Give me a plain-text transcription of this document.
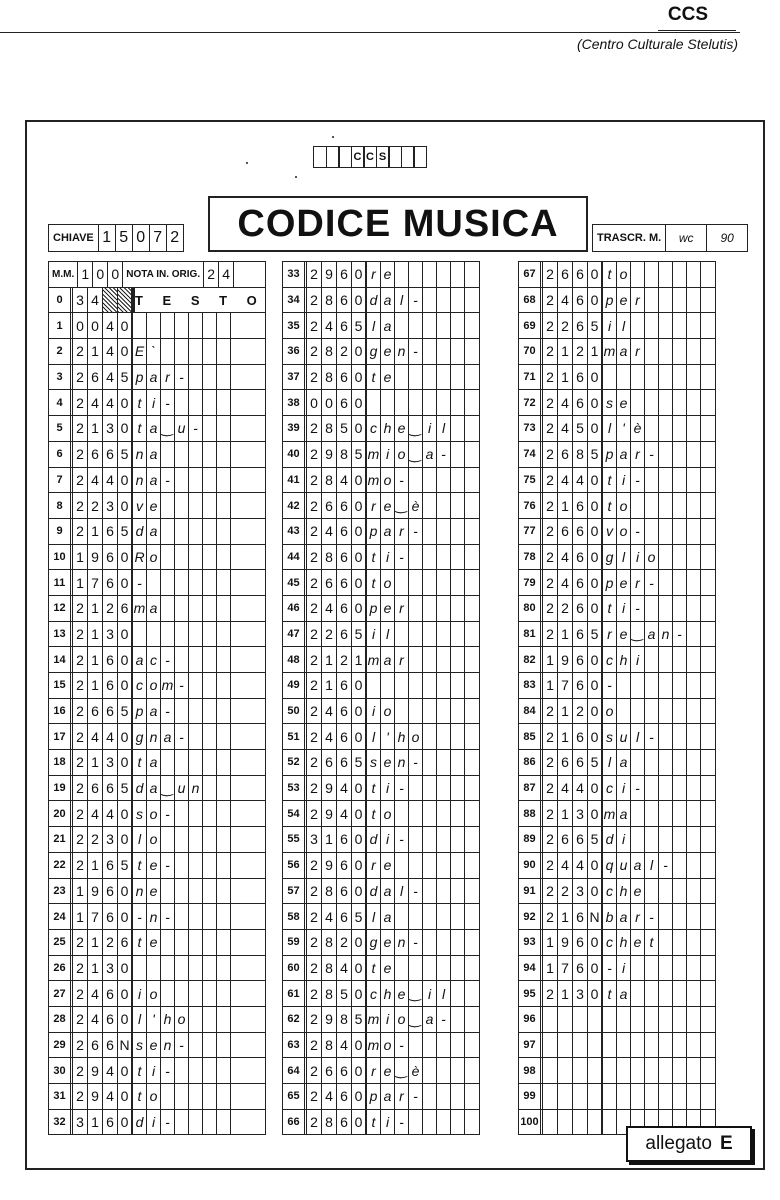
CCS
(Centro Culturale Stelutis)
C C S
CODICE MUSICA
CHIAVE 1 5 0 7 2	TRASCR. M.	wc	90
M.M. 1 0 0 NOTA IN. ORIG. 2 4
0 3 4	T E S T O
1 0 0 4 0
2 2 1 4 0 E `
3 2 6 4 5 p a r -
4 2 4 4 0 t i -
5 2 1 3 0 t a ‿ u -
6 2 6 6 5 n a
7 2 4 4 0 n a -
8 2 2 3 0 v e
9 2 1 6 5 d a
10 1 9 6 0 R o
11 1 7 6 0 -
12 2 1 2 6 m a
13 2 1 3 0
14 2 1 6 0 a c -
15 2 1 6 0 c o m -
16 2 6 6 5 p a -
17 2 4 4 0 g n a -
18 2 1 3 0 t a
19 2 6 6 5 d a ‿ u n
20 2 4 4 0 s o -
21 2 2 3 0 l o
22 2 1 6 5 t e -
23 1 9 6 0 n e
24 1 7 6 0 - n -
25 2 1 2 6 t e
26 2 1 3 0
27 2 4 6 0 i o
28 2 4 6 0 l ' h o
29 2 6 6 N s e n -
30 2 9 4 0 t i -
31 2 9 4 0 t o
32 3 1 6 0 d i -
33 2 9 6 0 r e
34 2 8 6 0 d a l -
35 2 4 6 5 l a
36 2 8 2 0 g e n -
37 2 8 6 0 t e
38 0 0 6 0
39 2 8 5 0 c h e ‿ i l
40 2 9 8 5 m i o ‿ a -
41 2 8 4 0 m o -
42 2 6 6 0 r e ‿ è
43 2 4 6 0 p a r -
44 2 8 6 0 t i -
45 2 6 6 0 t o
46 2 4 6 0 p e r
47 2 2 6 5 i l
48 2 1 2 1 m a r
49 2 1 6 0
50 2 4 6 0 i o
51 2 4 6 0 l ' h o
52 2 6 6 5 s e n -
53 2 9 4 0 t i -
54 2 9 4 0 t o
55 3 1 6 0 d i -
56 2 9 6 0 r e
57 2 8 6 0 d a l -
58 2 4 6 5 l a
59 2 8 2 0 g e n -
60 2 8 4 0 t e
61 2 8 5 0 c h e ‿ i l
62 2 9 8 5 m i o ‿ a -
63 2 8 4 0 m o -
64 2 6 6 0 r e ‿ è
65 2 4 6 0 p a r -
66 2 8 6 0 t i -
67 2 6 6 0 t o
68 2 4 6 0 p e r
69 2 2 6 5 i l
70 2 1 2 1 m a r
71 2 1 6 0
72 2 4 6 0 s e
73 2 4 5 0 l ' è
74 2 6 8 5 p a r -
75 2 4 4 0 t i -
76 2 1 6 0 t o
77 2 6 6 0 v o -
78 2 4 6 0 g l i o
79 2 4 6 0 p e r -
80 2 2 6 0 t i -
81 2 1 6 5 r e ‿ a n -
82 1 9 6 0 c h i
83 1 7 6 0 -
84 2 1 2 0 o
85 2 1 6 0 s u l -
86 2 6 6 5 l a
87 2 4 4 0 c i -
88 2 1 3 0 m a
89 2 6 6 5 d i
90 2 4 4 0 q u a l -
91 2 2 3 0 c h e
92 2 1 6 N b a r -
93 1 9 6 0 c h e t
94 1 7 6 0 - i
95 2 1 3 0 t a
96
97
98
99
100
allegato E
